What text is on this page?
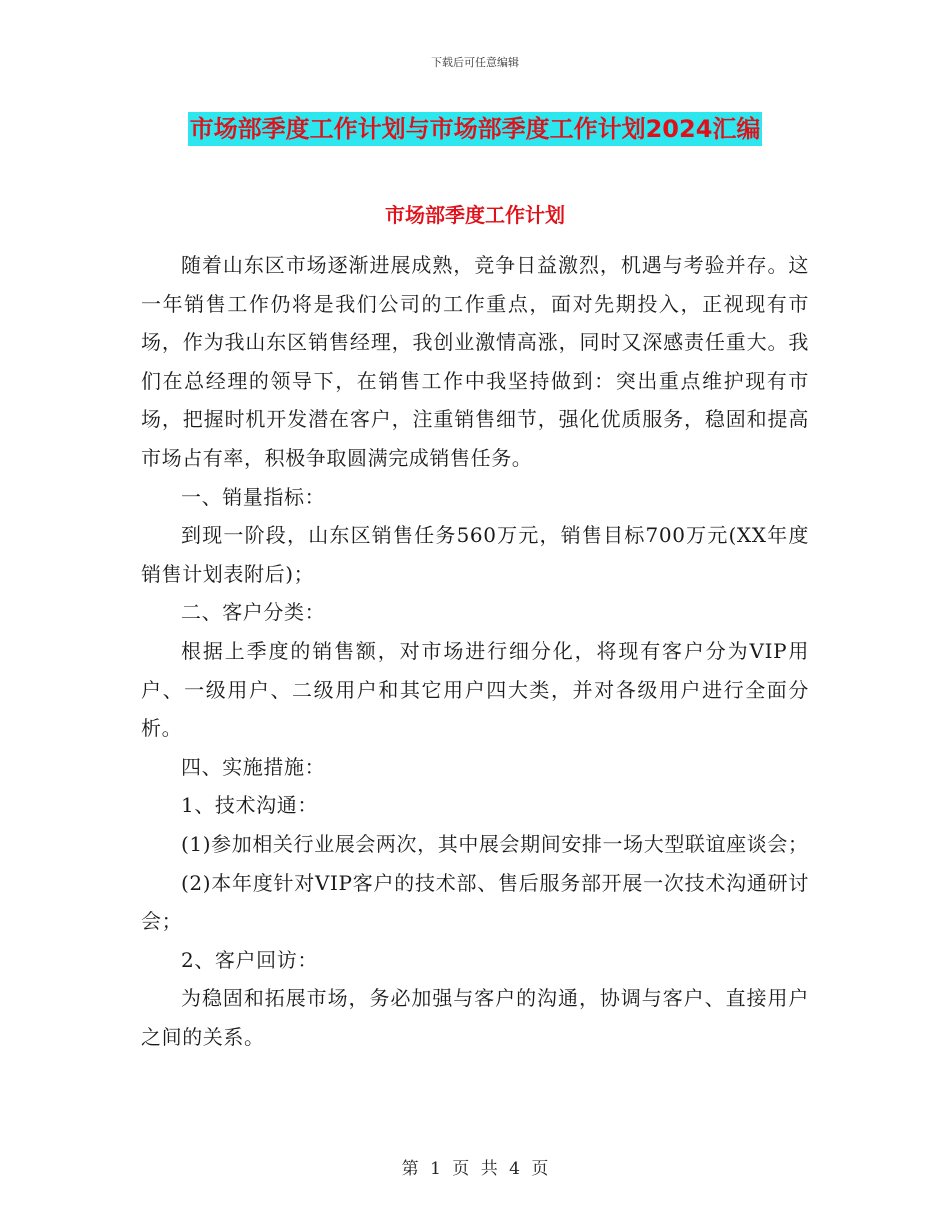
下载后可任意编辑
市场部季度工作计划与市场部季度工作计划2024汇编
市场部季度工作计划

随着山东区市场逐渐进展成熟，竞争日益激烈，机遇与考验并存。这一年销售工作仍将是我们公司的工作重点，面对先期投入，正视现有市场，作为我山东区销售经理，我创业激情高涨，同时又深感责任重大。我们在总经理的领导下，在销售工作中我坚持做到：突出重点维护现有市场，把握时机开发潜在客户，注重销售细节，强化优质服务，稳固和提高市场占有率，积极争取圆满完成销售任务。

一、销量指标：

到现一阶段，山东区销售任务560万元，销售目标700万元(XX年度销售计划表附后)；

二、客户分类：

根据上季度的销售额，对市场进行细分化，将现有客户分为VIP用户、一级用户、二级用户和其它用户四大类，并对各级用户进行全面分析。

四、实施措施：

1、技术沟通：

(1)参加相关行业展会两次，其中展会期间安排一场大型联谊座谈会；

(2)本年度针对VIP客户的技术部、售后服务部开展一次技术沟通研讨会；

2、客户回访：

为稳固和拓展市场，务必加强与客户的沟通，协调与客户、直接用户之间的关系。

第 1 页 共 4 页
